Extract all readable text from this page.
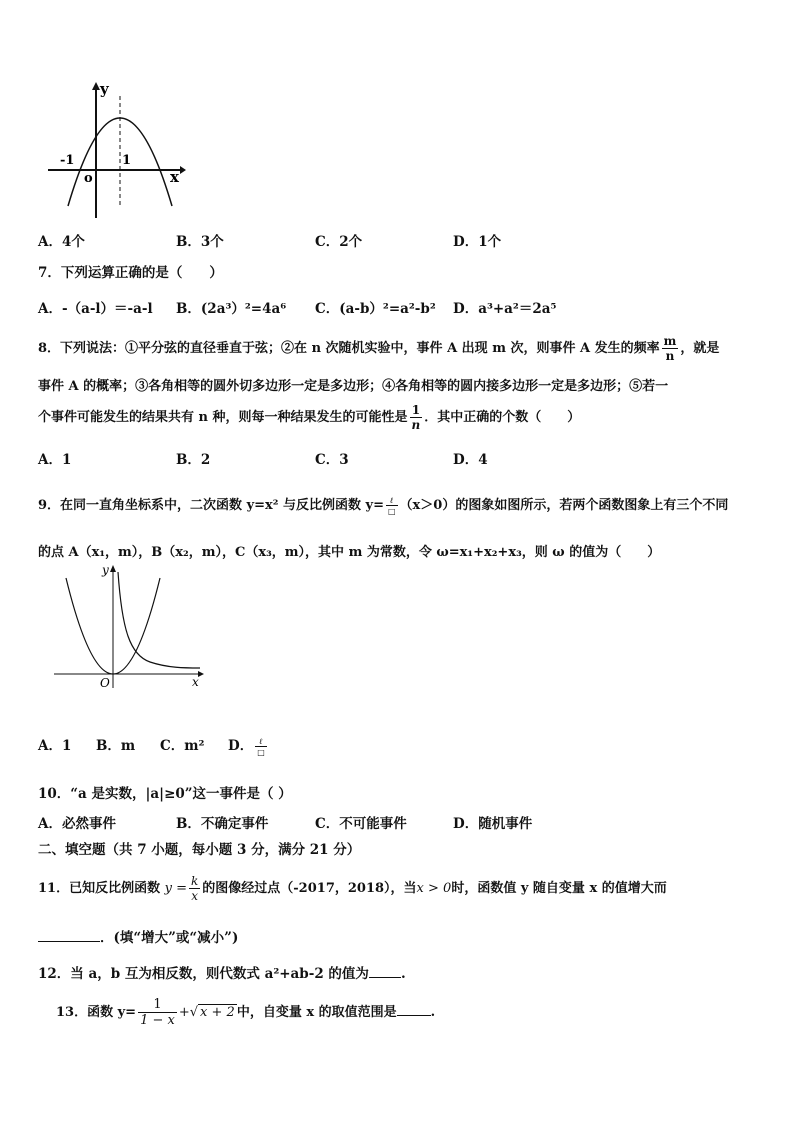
y
x
o
-1	1
A．4个	B．3个	C．2个	D．1个
7．下列运算正确的是（　　）
A．-（a-l）＝-a-l B．(2a³）²=4a⁶ C．(a-b）²=a²-b² D．a³+a²＝2a⁵
8．下列说法：①平分弦的直径垂直于弦；②在 n 次随机实验中，事件 A 出现 m 次，则事件 A 发生的频率 $\frac{m}{n}$ ，就是
事件 A 的概率；③各角相等的圆外切多边形一定是多边形；④各角相等的圆内接多边形一定是多边形；⑤若一
个事件可能发生的结果共有 n 种，则每一种结果发生的可能性是 $\frac{1}{n}$ ．其中正确的个数（　　）
A．1	B．2	C．3	D．4
9．在同一直角坐标系中，二次函数 y=x² 与反比例函数 $y= \frac{\text{ℓ}}{□} (x>0)$的图象如图所示，若两个函数图象上有三个不同
的点 A（x₁，m），B（x₂，m），C（x₃，m），其中 m 为常数，令 ω=x₁+x₂+x₃，则 ω 的值为（　　）
y
x
O
A．1 B．m C．m² D． $\frac{\text{ℓ}}{□}$
10．“a 是实数，|a|≥0”这一事件是（ ）
A．必然事件	B．不确定事件	C．不可能事件	D．随机事件
二、填空题（共 7 小题，每小题 3 分，满分 21 分）
11．已知反比例函数 $y = \frac{k}{x}$ 的图像经过点（-2017，2018），当x > 0时，函数值 y 随自变量 x 的值增大而
．(填“增大”或“减小”)
12．当 a，b 互为相反数，则代数式 a²+ab-2 的值为 .
13．函数 $y= \frac{1}{1 - x}$ +√ x + 2 中，自变量 x 的取值范围是	.
